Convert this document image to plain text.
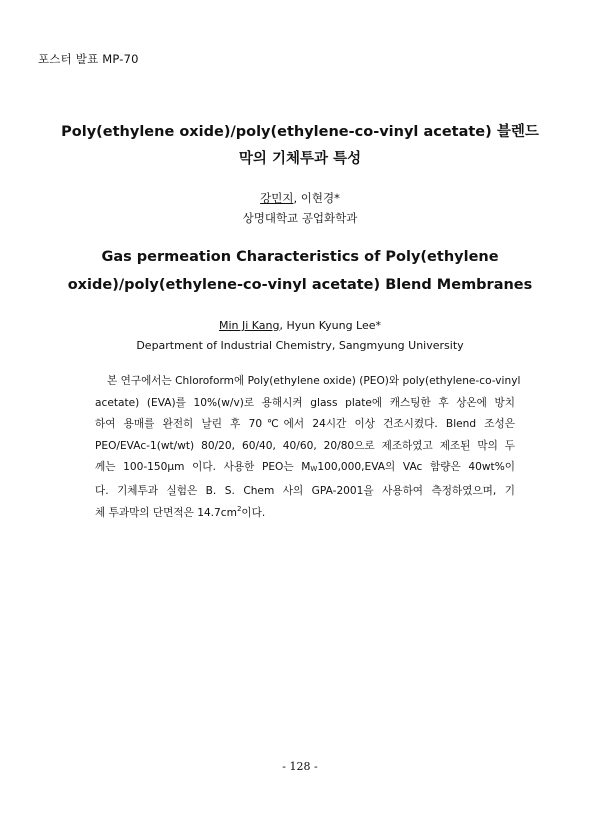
포스터 발표 MP-70
Poly(ethylene oxide)/poly(ethylene-co-vinyl acetate) 블렌드
막의 기체투과 특성
강민지, 이현경*
상명대학교 공업화학과
Gas permeation Characteristics of Poly(ethylene
oxide)/poly(ethylene-co-vinyl acetate) Blend Membranes
Min Ji Kang, Hyun Kyung Lee*
Department of Industrial Chemistry, Sangmyung University
본 연구에서는 Chloroform에 Poly(ethylene oxide) (PEO)와 poly(ethylene-co-vinyl
acetate) (EVA)를 10%(w/v)로 용해시켜 glass plate에 캐스팅한 후 상온에 방치
하여 용매를 완전히 날린 후 70℃에서 24시간 이상 건조시켰다. Blend 조성은
PEO/EVAc-1(wt/wt) 80/20, 60/40, 40/60, 20/80으로 제조하였고 제조된 막의 두
께는 100-150μm 이다. 사용한 PEO는 $M_W100,000,EVA$의 VAc 함량은 40wt%이
다. 기체투과 실험은 B. S. Chem 사의 GPA-2001을 사용하여 측정하였으며, 기
체 투과막의 단면적은 $14.7cm^2$이다.
- 128 -
